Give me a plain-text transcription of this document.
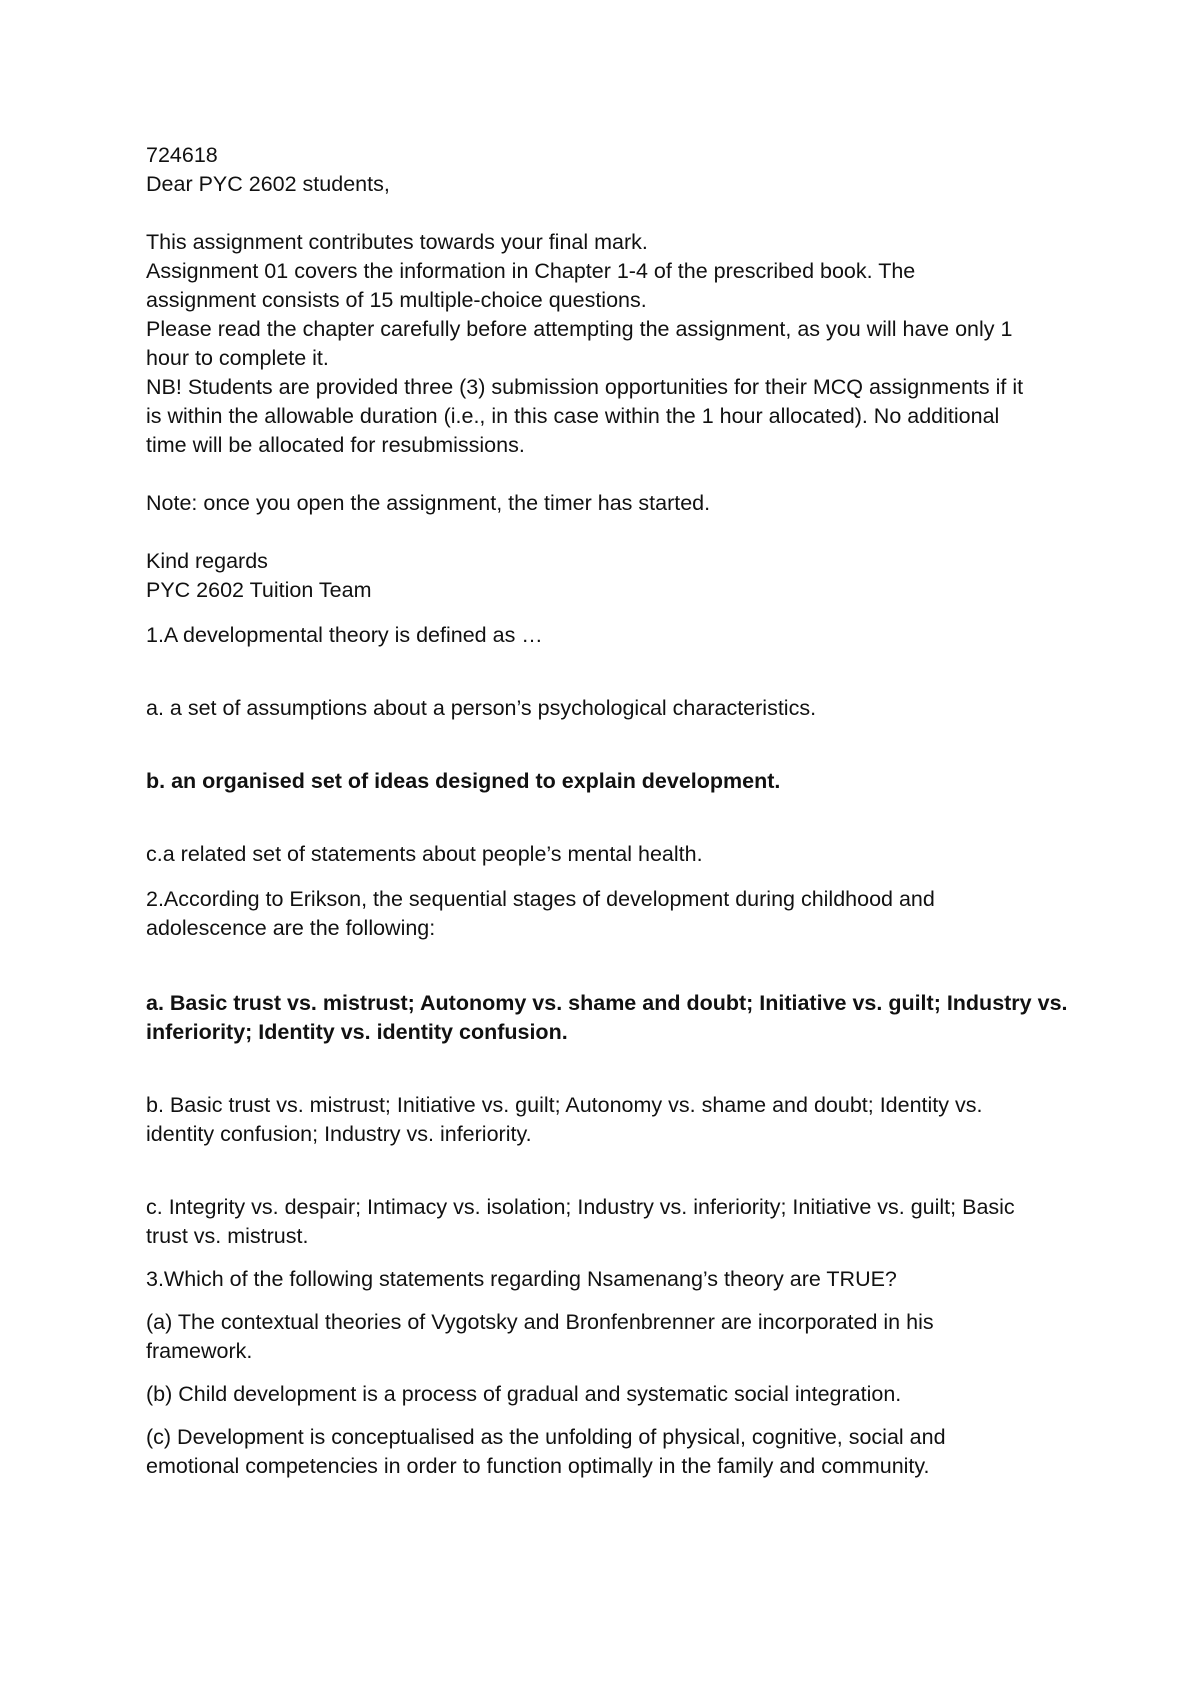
724618
Dear PYC 2602 students,
This assignment contributes towards your final mark.
Assignment 01 covers the information in Chapter 1-4 of the prescribed book. The
assignment consists of 15 multiple-choice questions.
Please read the chapter carefully before attempting the assignment, as you will have only 1
hour to complete it.
NB! Students are provided three (3) submission opportunities for their MCQ assignments if it
is within the allowable duration (i.e., in this case within the 1 hour allocated). No additional
time will be allocated for resubmissions.
Note: once you open the assignment, the timer has started.
Kind regards
PYC 2602 Tuition Team
1.A developmental theory is defined as …
a. a set of assumptions about a person’s psychological characteristics.
b. an organised set of ideas designed to explain development.
c.a related set of statements about people’s mental health.
2.According to Erikson, the sequential stages of development during childhood and
adolescence are the following:
a. Basic trust vs. mistrust; Autonomy vs. shame and doubt; Initiative vs. guilt; Industry vs.
inferiority; Identity vs. identity confusion.
b. Basic trust vs. mistrust; Initiative vs. guilt; Autonomy vs. shame and doubt; Identity vs.
identity confusion; Industry vs. inferiority.
c. Integrity vs. despair; Intimacy vs. isolation; Industry vs. inferiority; Initiative vs. guilt; Basic
trust vs. mistrust.
3.Which of the following statements regarding Nsamenang’s theory are TRUE?
(a) The contextual theories of Vygotsky and Bronfenbrenner are incorporated in his
framework.
(b) Child development is a process of gradual and systematic social integration.
(c) Development is conceptualised as the unfolding of physical, cognitive, social and
emotional competencies in order to function optimally in the family and community.
